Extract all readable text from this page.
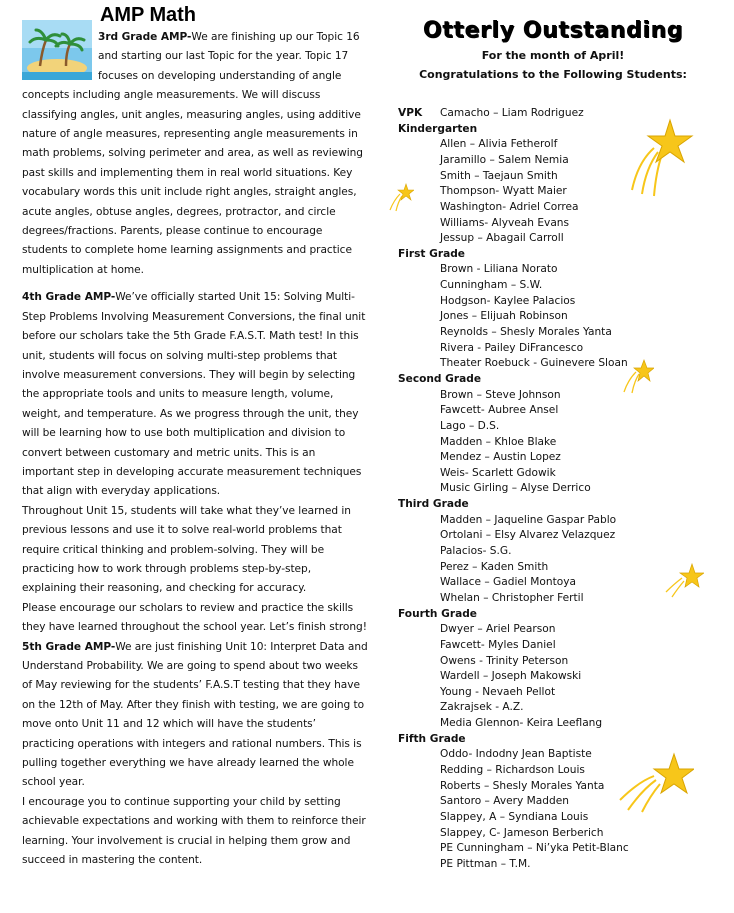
AMP Math

3rd Grade AMP-We are finishing up our Topic 16 and starting our last Topic for the year. Topic 17 focuses on developing understanding of angle concepts including angle measurements. We will discuss classifying angles, unit angles, measuring angles, using additive nature of angle measures, representing angle measurements in math problems, solving perimeter and area, as well as reviewing past skills and implementing them in real world situations. Key vocabulary words this unit include right angles, straight angles, acute angles, obtuse angles, degrees, protractor, and circle degrees/fractions. Parents, please continue to encourage students to complete home learning assignments and practice multiplication at home.

4th Grade AMP-We’ve officially started Unit 15: Solving Multi-Step Problems Involving Measurement Conversions, the final unit before our scholars take the 5th Grade F.A.S.T. Math test! In this unit, students will focus on solving multi-step problems that involve measurement conversions. They will begin by selecting the appropriate tools and units to measure length, volume, weight, and temperature. As we progress through the unit, they will be learning how to use both multiplication and division to convert between customary and metric units. This is an important step in developing accurate measurement techniques that align with everyday applications.

Throughout Unit 15, students will take what they’ve learned in previous lessons and use it to solve real-world problems that require critical thinking and problem-solving. They will be practicing how to work through problems step-by-step, explaining their reasoning, and checking for accuracy.

Please encourage our scholars to review and practice the skills they have learned throughout the school year. Let’s finish strong!

5th Grade AMP-We are just finishing Unit 10: Interpret Data and Understand Probability. We are going to spend about two weeks of May reviewing for the students’ F.A.S.T testing that they have on the 12th of May. After they finish with testing, we are going to move onto Unit 11 and 12 which will have the students’ practicing operations with integers and rational numbers. This is pulling together everything we have already learned the whole school year.

I encourage you to continue supporting your child by setting achievable expectations and working with them to reinforce their learning. Your involvement is crucial in helping them grow and succeed in mastering the content.

Otterly Outstanding
For the month of April!
Congratulations to the Following Students:
VPK Camacho – Liam Rodriguez
Kindergarten
Allen – Alivia Fetherolf
Jaramillo – Salem Nemia
Smith – Taejaun Smith
Thompson- Wyatt Maier
Washington- Adriel Correa
Williams- Alyveah Evans
Jessup – Abagail Carroll
First Grade
Brown - Liliana Norato
Cunningham – S.W.
Hodgson- Kaylee Palacios
Jones – Elijuah Robinson
Reynolds – Shesly Morales Yanta
Rivera - Pailey DiFrancesco
Theater Roebuck - Guinevere Sloan
Second Grade
Brown – Steve Johnson
Fawcett- Aubree Ansel
Lago – D.S.
Madden – Khloe Blake
Mendez – Austin Lopez
Weis- Scarlett Gdowik
Music Girling – Alyse Derrico
Third Grade
Madden – Jaqueline Gaspar Pablo
Ortolani – Elsy Alvarez Velazquez
Palacios- S.G.
Perez – Kaden Smith
Wallace – Gadiel Montoya
Whelan – Christopher Fertil
Fourth Grade
Dwyer – Ariel Pearson
Fawcett- Myles Daniel
Owens - Trinity Peterson
Wardell – Joseph Makowski
Young - Nevaeh Pellot
Zakrajsek - A.Z.
Media Glennon- Keira Leeflang
Fifth Grade
Oddo- Indodny Jean Baptiste
Redding – Richardson Louis
Roberts – Shesly Morales Yanta
Santoro – Avery Madden
Slappey, A – Syndiana Louis
Slappey, C- Jameson Berberich
PE Cunningham – Ni’yka Petit-Blanc
PE Pittman – T.M.
